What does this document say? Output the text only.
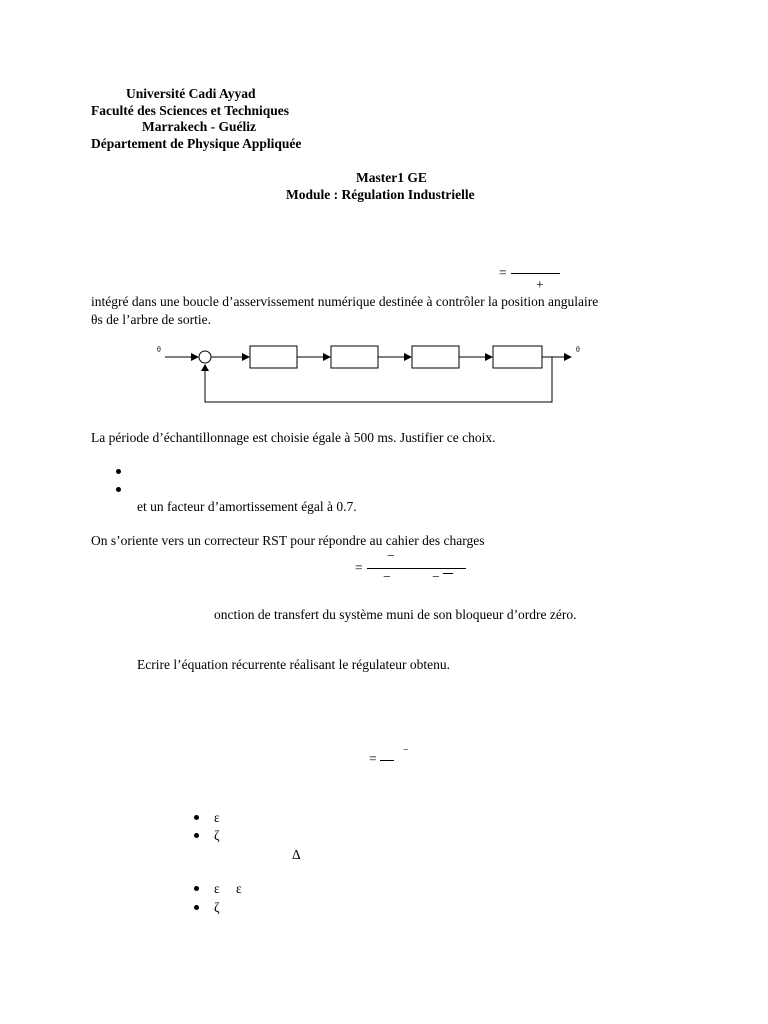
Université Cadi Ayyad
Faculté des Sciences et Techniques
Marrakech - Guéliz
Département de Physique Appliquée
Master1 GE
Module : Régulation Industrielle
=
+
intégré dans une boucle d’asservissement numérique destinée à contrôler la position angulaire
θs de l’arbre de sortie.
θ	θ
La période d’échantillonnage est choisie égale à 500 ms. Justifier ce choix.
et un facteur d’amortissement égal à 0.7.
On s’oriente vers un correcteur RST pour répondre au cahier des charges
−
=
−	−
onction de transfert du système muni de son bloqueur d’ordre zéro.
Ecrire l’équation récurrente réalisant le régulateur obtenu.
=
−
ε
ζ
Δ
ε ε
ζ
